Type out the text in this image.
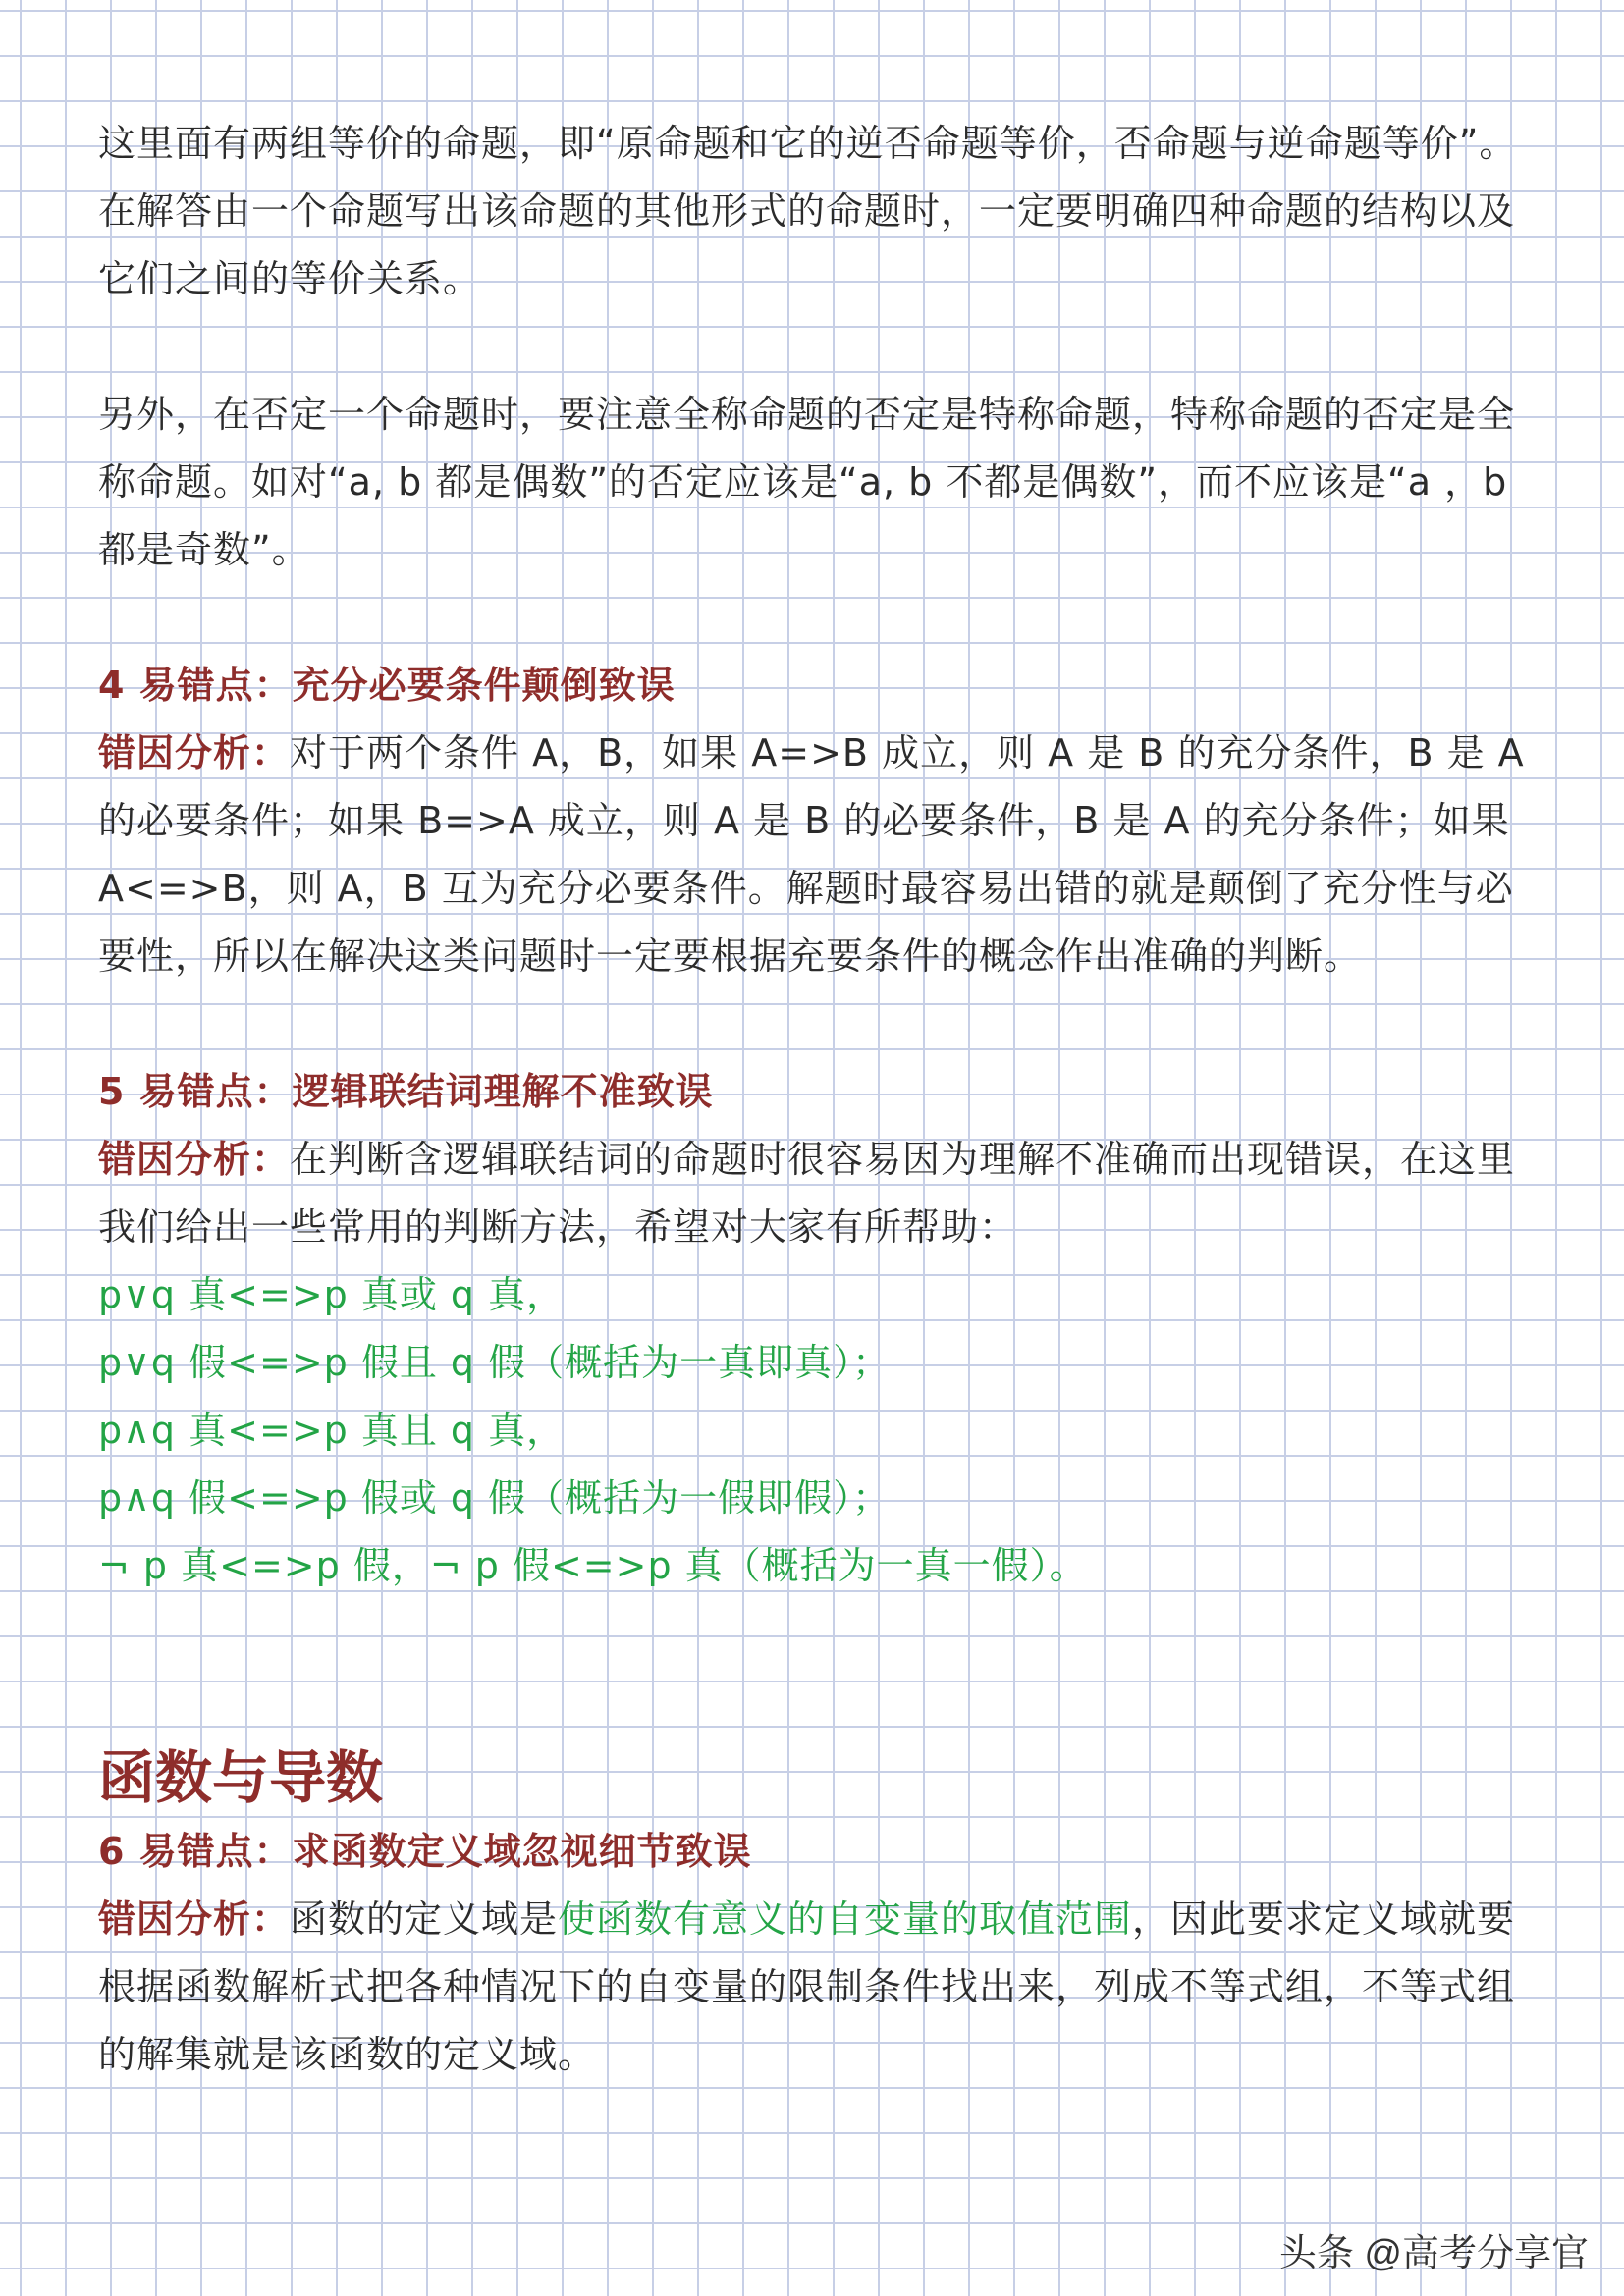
这里面有两组等价的命题，即“原命题和它的逆否命题等价，否命题与逆命题等价”。在解答由一个命题写出该命题的其他形式的命题时，一定要明确四种命题的结构以及它们之间的等价关系。

另外，在否定一个命题时，要注意全称命题的否定是特称命题，特称命题的否定是全称命题。如对“a, b 都是偶数”的否定应该是“a, b 不都是偶数”，而不应该是“a ，b 都是奇数”。

4 易错点：充分必要条件颠倒致误

错因分析：对于两个条件 A，B，如果 A=>B 成立，则 A 是 B 的充分条件，B 是 A 的必要条件；如果 B=>A 成立，则 A 是 B 的必要条件，B 是 A 的充分条件；如果 A<=>B，则 A，B 互为充分必要条件。解题时最容易出错的就是颠倒了充分性与必要性，所以在解决这类问题时一定要根据充要条件的概念作出准确的判断。

5 易错点：逻辑联结词理解不准致误

错因分析：在判断含逻辑联结词的命题时很容易因为理解不准确而出现错误，在这里我们给出一些常用的判断方法，希望对大家有所帮助：

p∨q 真<=>p 真或 q 真，

p∨q 假<=>p 假且 q 假（概括为一真即真）；

p∧q 真<=>p 真且 q 真，

p∧q 假<=>p 假或 q 假（概括为一假即假）；

¬ p 真<=>p 假，¬ p 假<=>p 真（概括为一真一假）。

函数与导数

6 易错点：求函数定义域忽视细节致误

错因分析：函数的定义域是使函数有意义的自变量的取值范围，因此要求定义域就要根据函数解析式把各种情况下的自变量的限制条件找出来，列成不等式组，不等式组的解集就是该函数的定义域。

头条 @高考分享官
